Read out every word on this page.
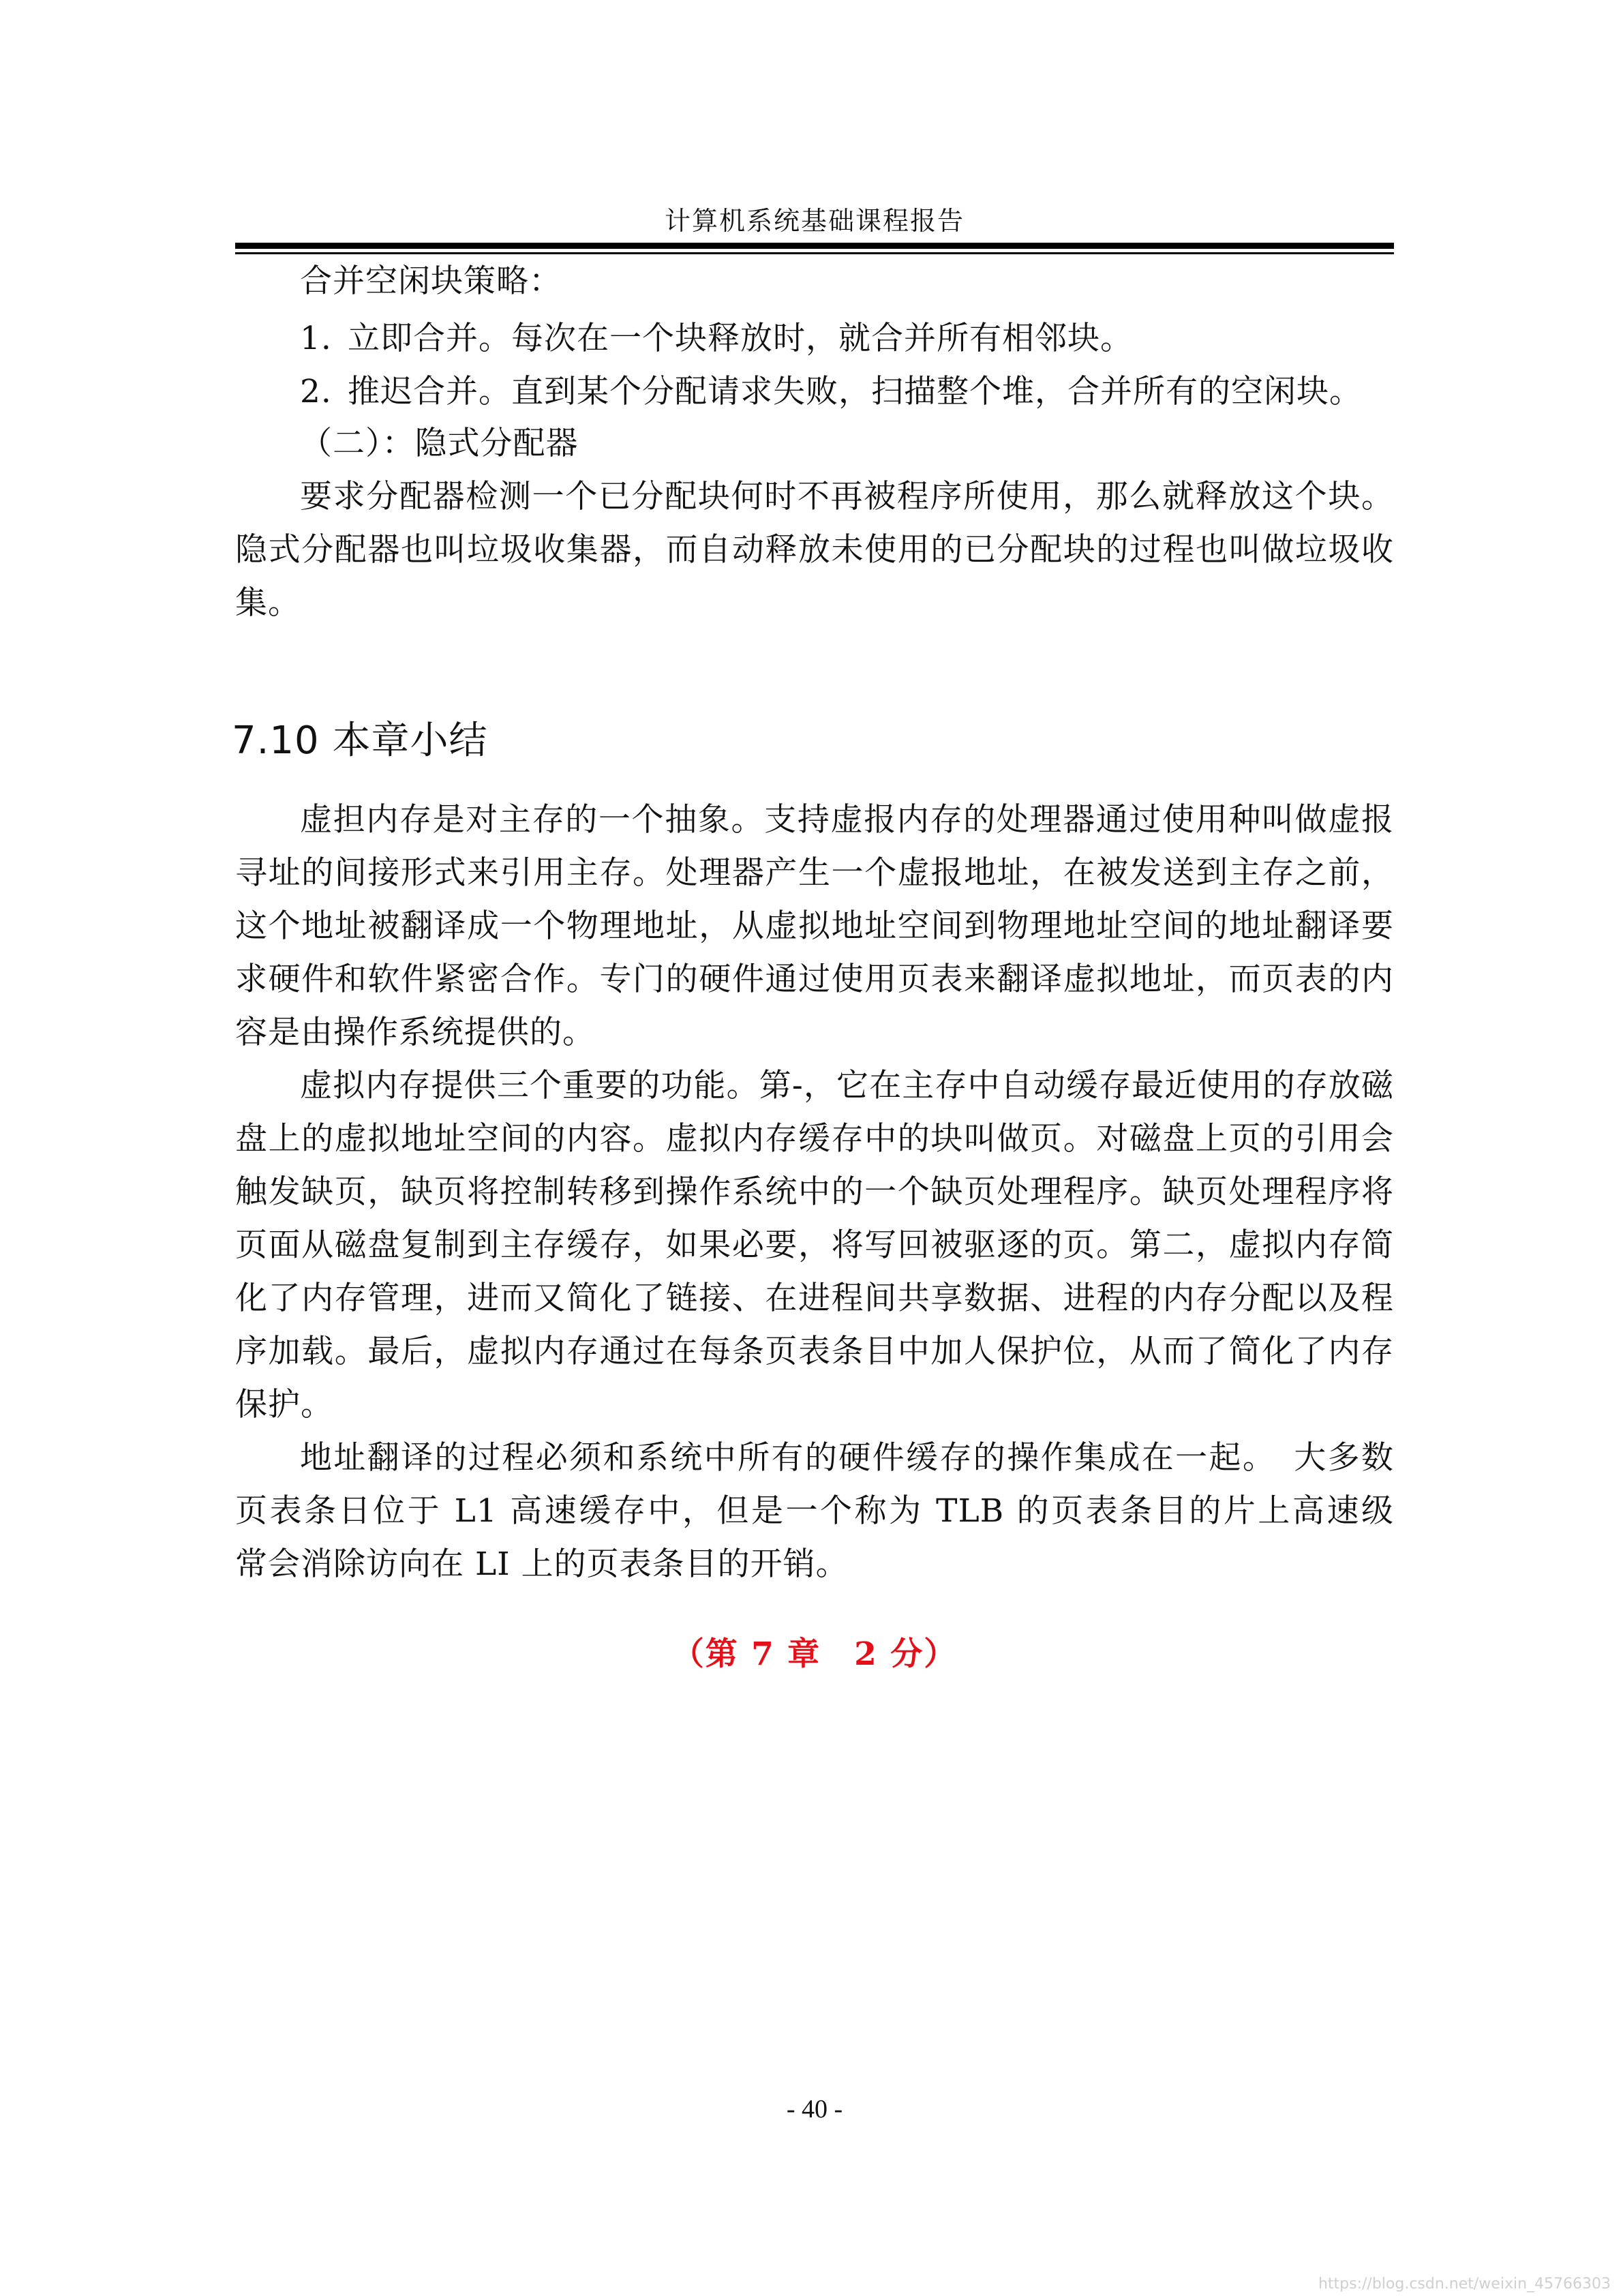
计算机系统基础课程报告
合并空闲块策略：
1. 立即合并。每次在一个块释放时，就合并所有相邻块。
2. 推迟合并。直到某个分配请求失败，扫描整个堆，合并所有的空闲块。
（二）：隐式分配器
要求分配器检测一个已分配块何时不再被程序所使用，那么就释放这个块。
隐式分配器也叫垃圾收集器，而自动释放未使用的已分配块的过程也叫做垃圾收
集。
7.10 本章小结
虚担内存是对主存的一个抽象。支持虚报内存的处理器通过使用种叫做虚报
寻址的间接形式来引用主存。处理器产生一个虚报地址，在被发送到主存之前，
这个地址被翻译成一个物理地址，从虚拟地址空间到物理地址空间的地址翻译要
求硬件和软件紧密合作。专门的硬件通过使用页表来翻译虚拟地址，而页表的内
容是由操作系统提供的。
虚拟内存提供三个重要的功能。第-，它在主存中自动缓存最近使用的存放磁
盘上的虚拟地址空间的内容。虚拟内存缓存中的块叫做页。对磁盘上页的引用会
触发缺页，缺页将控制转移到操作系统中的一个缺页处理程序。缺页处理程序将
页面从磁盘复制到主存缓存，如果必要，将写回被驱逐的页。第二，虚拟内存简
化了内存管理，进而又简化了链接、在进程间共享数据、进程的内存分配以及程
序加载。最后，虚拟内存通过在每条页表条目中加人保护位，从而了简化了内存
保护。
地址翻译的过程必须和系统中所有的硬件缓存的操作集成在一起。　大多数
页表条日位于 L1 高速缓存中，但是一个称为 TLB 的页表条目的片上高速级
常会消除访向在 LI 上的页表条目的开销。
（第 7 章　2 分）
- 40 -
https://blog.csdn.net/weixin_45766303
